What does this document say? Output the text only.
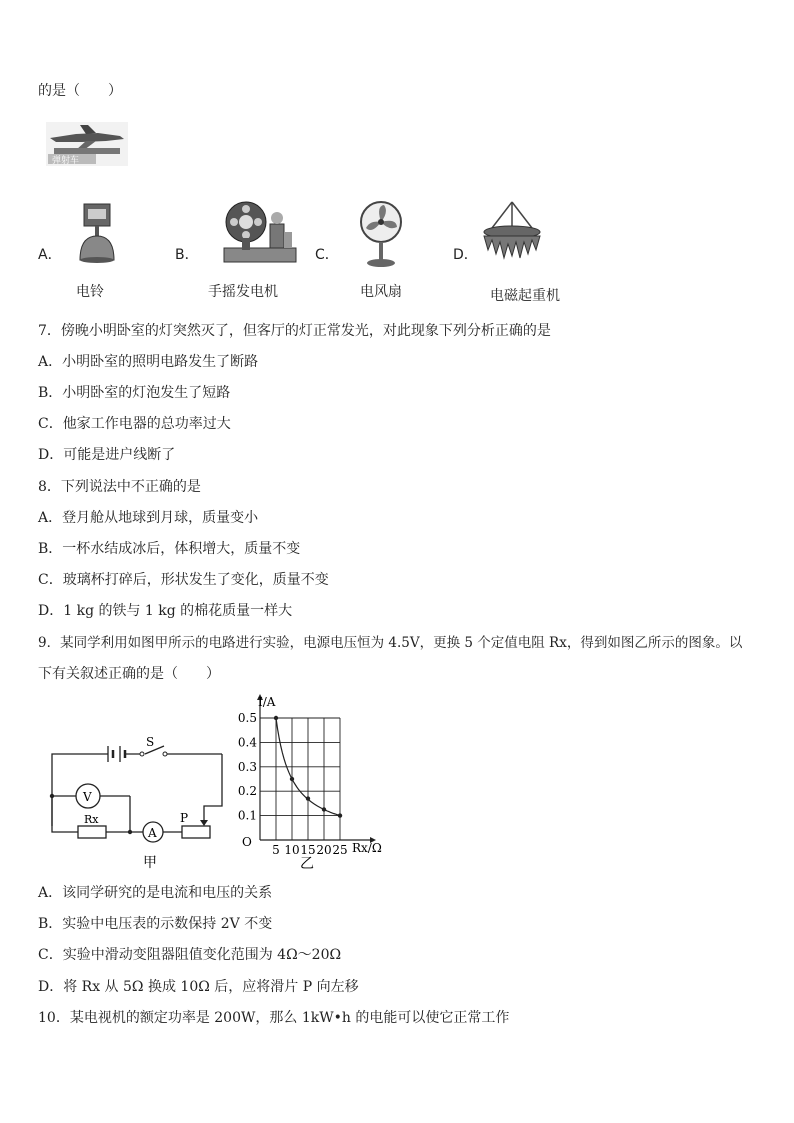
的是（　　）
弹射车
A．
电铃
B．
手摇发电机
C．
电风扇
D．
电磁起重机
7．傍晚小明卧室的灯突然灭了，但客厅的灯正常发光，对此现象下列分析正确的是
A．小明卧室的照明电路发生了断路
B．小明卧室的灯泡发生了短路
C．他家工作电器的总功率过大
D．可能是进户线断了
8．下列说法中不正确的是
A．登月舱从地球到月球，质量变小
B．一杯水结成冰后，体积增大，质量不变
C．玻璃杯打碎后，形状发生了变化，质量不变
D．1 kg 的铁与 1 kg 的棉花质量一样大
9．某同学利用如图甲所示的电路进行实验，电源电压恒为 4.5V，更换 5 个定值电阻 Rx，得到如图乙所示的图象。以
下有关叙述正确的是（　　）
S
V
A
Rx	P
甲
5 10 15 20 25
0.1
0.2
0.3
0.4
0.5
I/A
Rx/Ω
O
乙
A．该同学研究的是电流和电压的关系
B．实验中电压表的示数保持 2V 不变
C．实验中滑动变阻器阻值变化范围为 4Ω～20Ω
D．将 Rx 从 5Ω 换成 10Ω 后，应将滑片 P 向左移
10．某电视机的额定功率是 200W，那么 1kW•h 的电能可以使它正常工作
